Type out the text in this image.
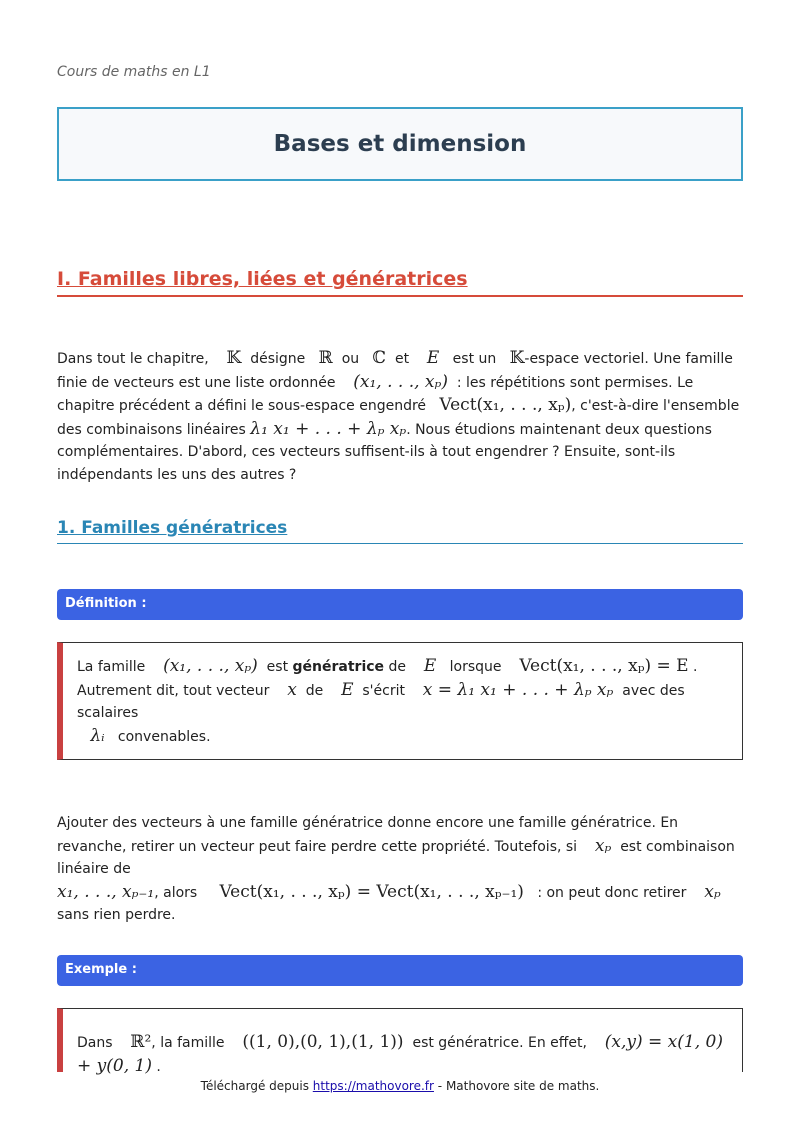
Cours de maths en L1
Bases et dimension
I. Familles libres, liées et génératrices
Dans tout le chapitre, 𝕂 désigne ℝ ou ℂ et E est un 𝕂-espace vectoriel. Une famille finie de vecteurs est une liste ordonnée (x₁, . . ., xₚ) : les répétitions sont permises. Le chapitre précédent a défini le sous-espace engendré Vect(x₁, . . ., xₚ), c'est-à-dire l'ensemble des combinaisons linéaires λ₁ x₁ + . . . + λₚ xₚ. Nous étudions maintenant deux questions complémentaires. D'abord, ces vecteurs suffisent-ils à tout engendrer ? Ensuite, sont-ils indépendants les uns des autres ?
1. Familles génératrices
Définition :
La famille (x₁, . . ., xₚ) est génératrice de E lorsque Vect(x₁, . . ., xₚ) = E .
Autrement dit, tout vecteur x de E s'écrit x = λ₁ x₁ + . . . + λₚ xₚ avec des scalaires
λᵢ convenables.
Ajouter des vecteurs à une famille génératrice donne encore une famille génératrice. En revanche, retirer un vecteur peut faire perdre cette propriété. Toutefois, si xₚ est combinaison linéaire de
x₁, . . ., xₚ₋₁, alors Vect(x₁, . . ., xₚ) = Vect(x₁, . . ., xₚ₋₁) : on peut donc retirer xₚ
sans rien perdre.
Exemple :
Dans ℝ², la famille ((1, 0),(0, 1),(1, 1)) est génératrice. En effet, (x,y) = x(1, 0) + y(0, 1) .
Téléchargé depuis https://mathovore.fr - Mathovore site de maths.
